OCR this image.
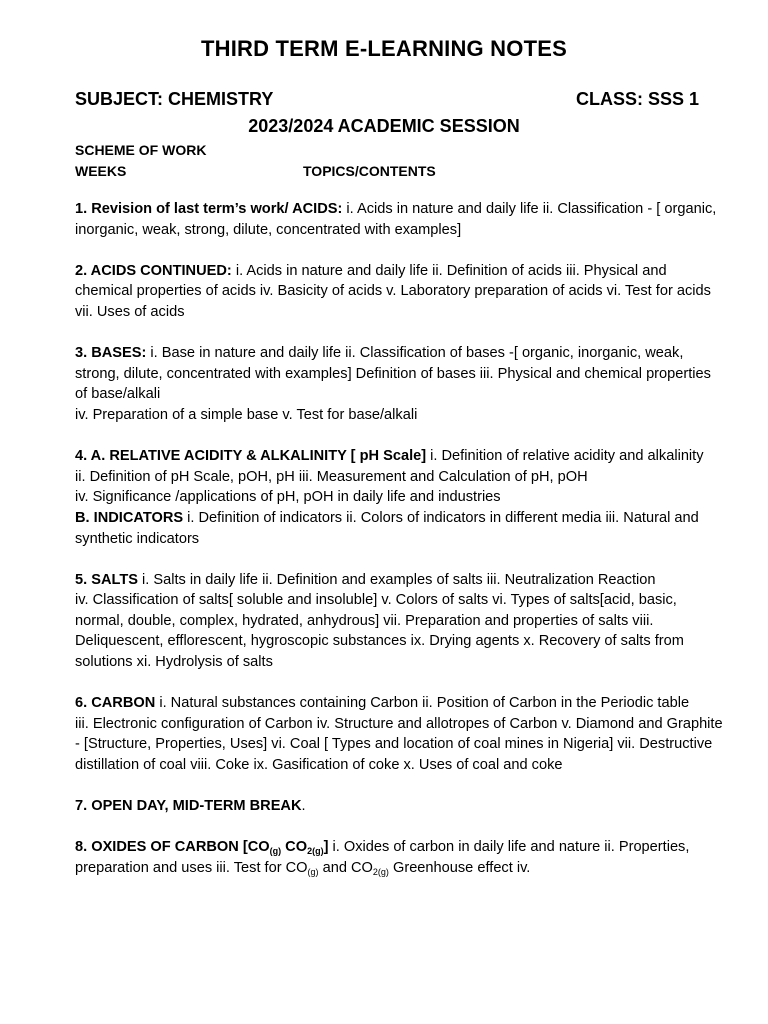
THIRD TERM E-LEARNING NOTES
SUBJECT: CHEMISTRY	CLASS: SSS 1
2023/2024 ACADEMIC SESSION
SCHEME OF WORK
WEEKS	TOPICS/CONTENTS

1. Revision of last term’s work/ ACIDS: i. Acids in nature and daily life ii. Classification - [ organic, inorganic, weak, strong, dilute, concentrated with examples]

2. ACIDS CONTINUED: i. Acids in nature and daily life ii. Definition of acids iii. Physical and chemical properties of acids iv. Basicity of acids v. Laboratory preparation of acids vi. Test for acids vii. Uses of acids

3. BASES: i. Base in nature and daily life ii. Classification of bases -[ organic, inorganic, weak, strong, dilute, concentrated with examples] Definition of bases iii. Physical and chemical properties of base/alkali

iv. Preparation of a simple base v. Test for base/alkali

4. A. RELATIVE ACIDITY & ALKALINITY [ pH Scale] i. Definition of relative acidity and alkalinity

ii. Definition of pH Scale, pOH, pH iii. Measurement and Calculation of pH, pOH

iv. Significance /applications of pH, pOH in daily life and industries

B. INDICATORS i. Definition of indicators ii. Colors of indicators in different media iii. Natural and synthetic indicators

5. SALTS i. Salts in daily life ii. Definition and examples of salts iii. Neutralization Reaction

iv. Classification of salts[ soluble and insoluble] v. Colors of salts vi. Types of salts[acid, basic, normal, double, complex, hydrated, anhydrous] vii. Preparation and properties of salts viii. Deliquescent, efflorescent, hygroscopic substances ix. Drying agents x. Recovery of salts from solutions xi. Hydrolysis of salts

6. CARBON i. Natural substances containing Carbon ii. Position of Carbon in the Periodic table

iii. Electronic configuration of Carbon iv. Structure and allotropes of Carbon v. Diamond and Graphite

- [Structure, Properties, Uses] vi. Coal [ Types and location of coal mines in Nigeria] vii. Destructive distillation of coal viii. Coke ix. Gasification of coke x. Uses of coal and coke

7. OPEN DAY, MID-TERM BREAK.

8. OXIDES OF CARBON [$CO_{(g)}$ $CO_{2(g)}$] i. Oxides of carbon in daily life and nature ii. Properties, preparation and uses iii. Test for $CO_{(g)}$ and $CO_{2(g)}$ Greenhouse effect iv.
